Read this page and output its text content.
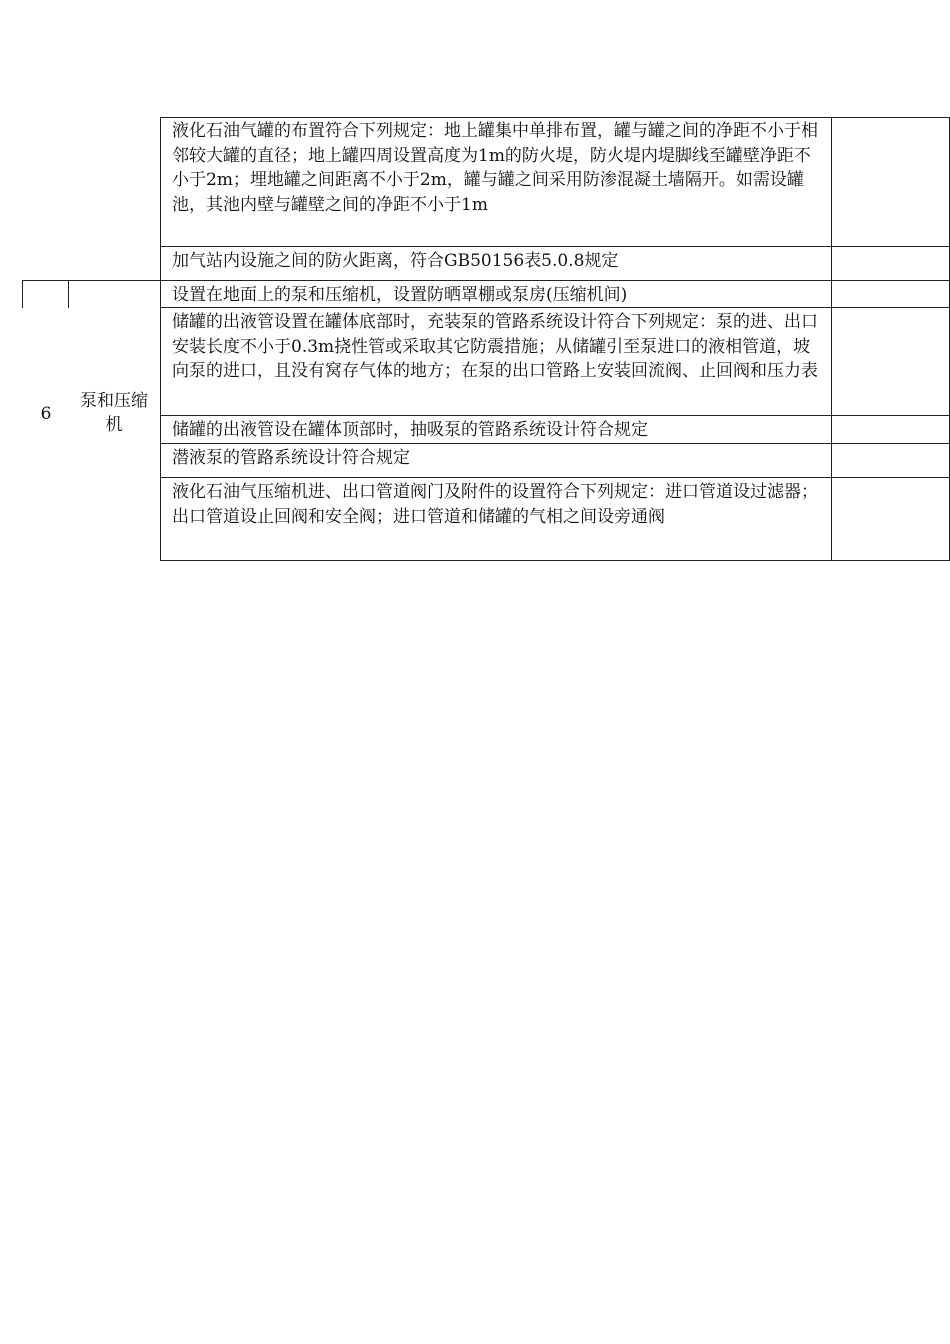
6
泵和压缩机
液化石油气罐的布置符合下列规定：地上罐集中单排布置，罐与罐之间的净距不小于相邻较大罐的直径；地上罐四周设置高度为1m的防火堤，防火堤内堤脚线至罐壁净距不小于2m；埋地罐之间距离不小于2m，罐与罐之间采用防渗混凝土墙隔开。如需设罐池，其池内壁与罐壁之间的净距不小于1m
加气站内设施之间的防火距离，符合GB50156表5.0.8规定
设置在地面上的泵和压缩机，设置防晒罩棚或泵房(压缩机间)
储罐的出液管设置在罐体底部时，充装泵的管路系统设计符合下列规定：泵的进、出口安装长度不小于0.3m挠性管或采取其它防震措施；从储罐引至泵进口的液相管道，坡向泵的进口，且没有窝存气体的地方；在泵的出口管路上安装回流阀、止回阀和压力表
储罐的出液管设在罐体顶部时，抽吸泵的管路系统设计符合规定
潜液泵的管路系统设计符合规定
液化石油气压缩机进、出口管道阀门及附件的设置符合下列规定：进口管道设过滤器；出口管道设止回阀和安全阀；进口管道和储罐的气相之间设旁通阀
